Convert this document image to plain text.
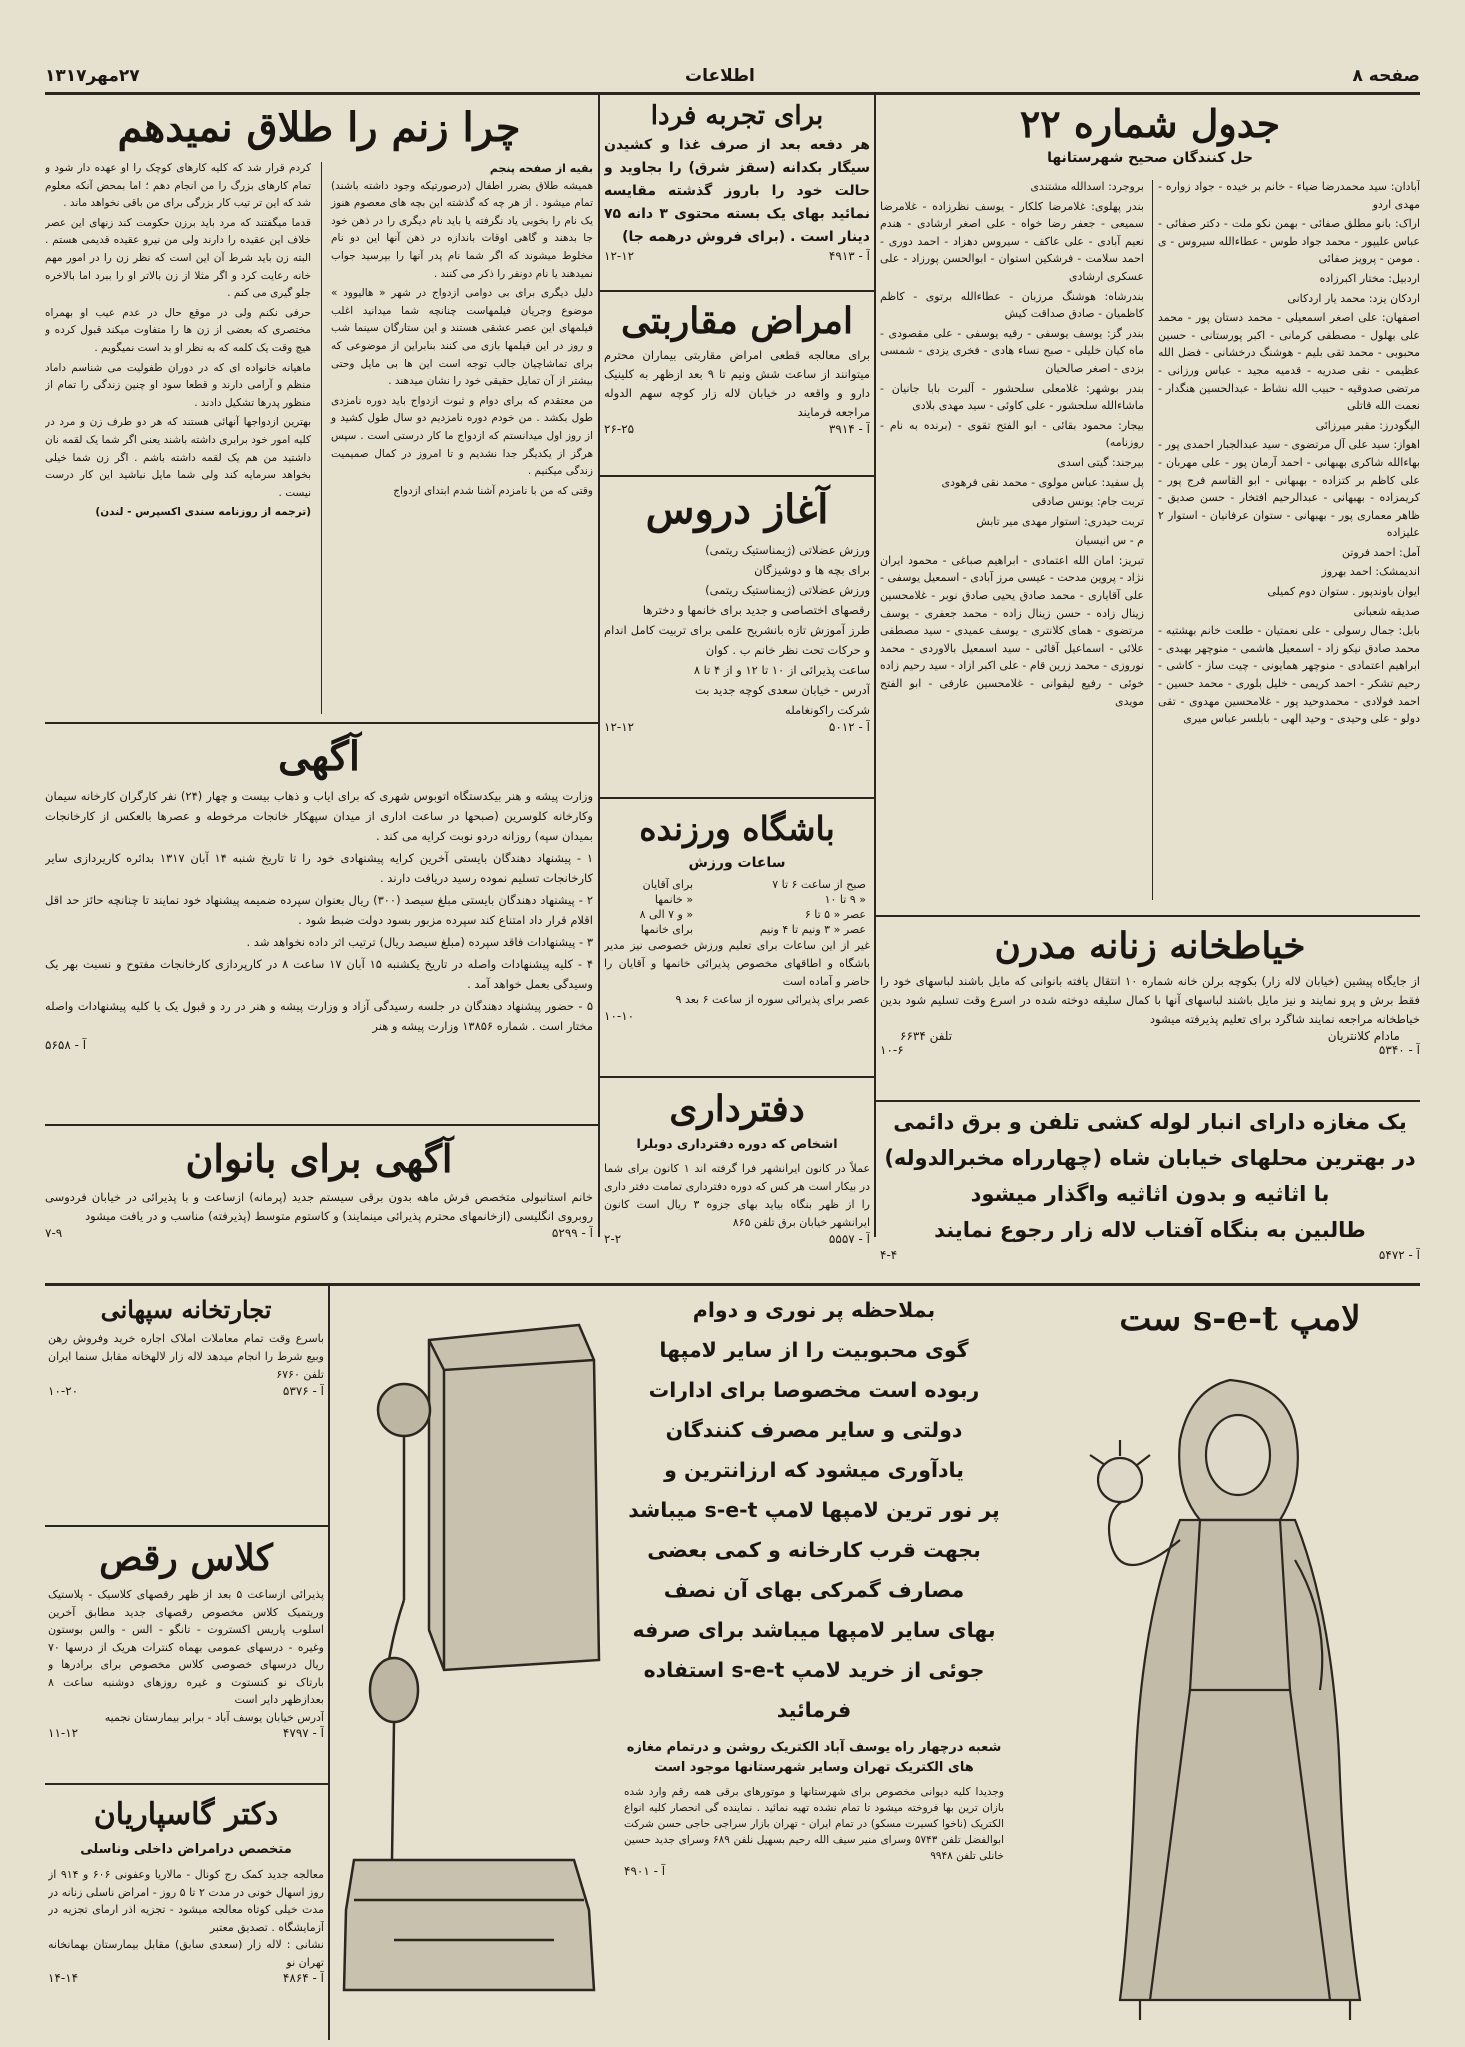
صفحه ۸
اطلاعات
۲۷مهر۱۳۱۷
چرا زنم را طلاق نمیدهم
بقیه از صفحه پنجم

همیشه طلاق بضرر اطفال (درصورتیکه وجود داشته باشند) تمام میشود . از هر چه که گذشته این بچه های معصوم هنوز یک نام را بخوبی یاد نگرفته یا باید نام دیگری را در ذهن خود جا بدهند و گاهی اوقات باندازه در ذهن آنها این دو نام مخلوط میشوند که اگر شما نام پدر آنها را بپرسید جواب نمیدهند یا نام دونفر را ذکر می کنند .

دلیل دیگری برای بی دوامی ازدواج در شهر « هالیوود » موضوع وجریان فیلمهاست چنانچه شما میدانید اغلب فیلمهای این عصر عشقی هستند و این ستارگان سینما شب و روز در این فیلمها بازی می کنند بنابراین از موضوعی که برای تماشاچیان جالب توجه است این ها بی مایل وحتی بیشتر از آن تمایل حقیقی خود را نشان میدهند .

من معتقدم که برای دوام و ثبوت ازدواج باید دوره نامزدی طول بکشد . من خودم دوره نامزدیم دو سال طول کشید و از روز اول میدانستم که ازدواج ما کار درستی است . سپس هرگز از یکدیگر جدا نشدیم و تا امروز در کمال صمیمیت زندگی میکنیم .

وقتی که من با نامزدم آشنا شدم ابتدای ازدواج

کردم قرار شد که کلیه کارهای کوچک را او عهده دار شود و تمام کارهای بزرگ را من انجام دهم ؛ اما بمحض آنکه معلوم شد که این تر تیب کار بزرگی برای من باقی نخواهد ماند .

قدما میگفتند که مرد باید برزن حکومت کند زنهای این عصر خلاف این عقیده را دارند ولی من نیرو عقیده قدیمی هستم . البته زن باید شرط آن این است که نظر زن را در امور مهم خانه رعایت کرد و اگر مثلا از زن بالاتر او را ببرد اما بالاخره جلو گیری می کنم .

حرفی نکنم ولی در موقع حال در عدم عیب او بهمراه مختصری که بعضی از زن ها را متفاوت میکند قبول کرده و هیچ وقت یک کلمه که به نظر او بد است نمیگویم .

ماهیانه خانواده ای که در دوران طفولیت می شناسم داماد منظم و آرامی دارند و قطعا سود او چنین زندگی را تمام از منظور پدرها تشکیل دادند .

بهترین ازدواجها آنهائی هستند که هر دو طرف زن و مرد در کلیه امور خود برابری داشته باشند یعنی اگر شما یک لقمه نان داشتید من هم یک لقمه داشته باشم . اگر زن شما خیلی بخواهد سرمایه کند ولی شما مایل نباشید این کار درست نیست .

(ترجمه از روزنامه سندی اکسپرس - لندن)

برای تجربه فردا
هر دفعه بعد از صرف غذا و کشیدن سیگار بکدانه (سقز شرق) را بجاوید و حالت خود را باروز گذشته مقایسه نمائید بهای یک بسته محتوی ۳ دانه ۷۵ دینار است . (برای فروش درهمه جا)
آ - ۴۹۱۳
۱۲-۱۲
امراض مقاربتی
برای معالجه قطعی امراض مقاربتی بیماران محترم میتوانند از ساعت شش ونیم تا ۹ بعد ازظهر به کلینیک دارو و واقعه در خیابان لاله زار کوچه سهم الدوله مراجعه فرمایند
آ - ۳۹۱۴
۲۶-۲۵
آغاز دروس
ورزش عضلاتی (ژیمناستیک ریتمی)
برای بچه ها و دوشیزگان
ورزش عضلاتی (ژیمناستیک ریتمی)
رقصهای اختصاصی و جدید برای خانمها و دخترها
طرز آموزش تازه بانشریح علمی برای تربیت کامل اندام و حرکات تحت نظر خانم ب . کوان
ساعت پذیرائی از ۱۰ تا ۱۲ و از ۴ تا ۸
آدرس - خیابان سعدی کوچه جدید بت
شرکت راکونغامله
آ - ۵۰۱۲
۱۲-۱۲
جدول شماره ۲۲
حل کنندگان صحیح شهرستانها

آبادان: سید محمدرضا ضیاء - خانم بر خیده - جواد زواره - مهدی اردو

اراک: بانو مطلق صفائی - بهمن نکو ملت - دکتر صفائی - عباس علیپور - محمد جواد طوس - عطاءالله سیروس - ی . مومن - پرویز صفائی

اردبیل: مختار اکبرزاده

اردکان یزد: محمد یار اردکانی

اصفهان: علی اصغر اسمعیلی - محمد دستان پور - محمد علی بهلول - مصطفی کرمانی - اکبر پورستانی - حسین محبوبی - محمد تقی بلیم - هوشنگ درخشانی - فضل الله عظیمی - نقی صدریه - قدمیه مجید - عباس ورزانی - مرتضی صدوقیه - حبیب الله نشاط - عبدالحسین هنگدار - نعمت الله قاتلی

الیگودرز: مقبر میرزائی

اهواز: سید علی آل مرتضوی - سید عبدالجبار احمدی پور - بهاءالله شاکری بهبهانی - احمد آرمان پور - علی مهربان - علی کاظم بر کتزاده - بهبهانی - ابو القاسم فرج پور - کریمزاده - بهبهانی - عبدالرحیم افتخار - حسن صدیق - ظاهر معماری پور - بهبهانی - ستوان عرفانیان - استوار ۲ علیزاده

آمل: احمد فروتن

اندیمشک: احمد بهروز

ایوان باوندپور . ستوان دوم کمیلی

صدیقه شعبانی

بابل: جمال رسولی - علی نعمتیان - طلعت خانم بهشتیه - محمد صادق نیکو زاد - اسمعیل هاشمی - منوچهر بهبدی - ابراهیم اعتمادی - منوچهر همایونی - چیت ساز - کاشی - رحیم تشکر - احمد کریمی - خلیل بلوری - محمد حسین - احمد فولادی - محمدوحید پور - غلامحسین مهدوی - تقی دولو - علی وحیدی - وحید الهی - بابلسر عباس میری

بروجرد: اسدالله مشتندی

بندر پهلوی: غلامرضا کلکار - یوسف نظرزاده - غلامرضا سمیعی - جعفر رضا خواه - علی اصغر ارشادی - هندم نعیم آبادی - علی عاکف - سیروس دهزاد - احمد دوری - احمد سلامت - فرشکین استوان - ابوالحسن پورزاد - علی عسکری ارشادی

بندرشاه: هوشنگ مرزبان - عطاءالله برتوی - کاظم کاظمیان - صادق صداقت کیش

بندر گز: یوسف یوسفی - رقیه یوسفی - علی مقصودی - ماه کیان خلیلی - صبح نساء هادی - فخری یزدی - شمسی بزدی - اصغر صالحیان

بندر بوشهر: غلامعلی سلحشور - آلبرت بابا جانیان - ماشاءالله سلحشور - علی کاوئی - سید مهدی بلادی

بیجار: محمود بقائی - ابو الفتح تقوی - (برنده به نام - روزنامه)

بیرجند: گیتی اسدی

پل سفید: عباس مولوی - محمد نقی فرهودی

تربت جام: یونس صادقی

تربت حیدری: استوار مهدی میر تابش

م - س انیسیان

تبریز: امان الله اعتمادی - ابراهیم صباغی - محمود ایران نژاد - پروین مدحت - عیسی مرز آبادی - اسمعیل یوسفی - علی آقایاری - محمد صادق یحیی صادق نوبر - غلامحسین زینال زاده - حسن زینال زاده - محمد جعفری - یوسف مرتضوی - همای کلانتری - یوسف عمیدی - سید مصطفی علائی - اسماعیل آقائی - سید اسمعیل بالاوردی - محمد نوروزی - محمد زرین قام - علی اکبر ازاد - سید رحیم زاده خوئی - رفیع لیقوانی - غلامحسین عارفی - ابو الفتح مویدی

آگهی

وزارت پیشه و هنر بیکدستگاه اتوبوس شهری که برای ایاب و ذهاب بیست و چهار (۲۴) نفر کارگران کارخانه سیمان وکارخانه کلوسرین (صبحها در ساعت اداری از میدان سپهکار خانجات مرخوطه و عصرها بالعکس از کارخانجات بمیدان سپه) روزانه دردو نوبت کرایه می کند .

۱ - پیشنهاد دهندگان بایستی آخرین کرایه پیشنهادی خود را تا تاریخ شنبه ۱۴ آبان ۱۳۱۷ بدائره کاریردازی سایر کارخانجات تسلیم نموده رسید دریافت دارند .

۲ - پیشنهاد دهندگان بایستی مبلغ سیصد (۳۰۰) ریال بعنوان سپرده ضمیمه پیشنهاد خود نمایند تا چنانچه حائز حد اقل اقلام قرار داد امتناع کند سپرده مزبور بسود دولت ضبط شود .

۳ - پیشنهادات فاقد سپرده (مبلغ سیصد ریال) ترتیب اثر داده نخواهد شد .

۴ - کلیه پیشنهادات واصله در تاریخ یکشنبه ۱۵ آبان ۱۷ ساعت ۸ در کارپردازی کارخانجات مفتوح و نسبت بهر یک وسیدگی بعمل خواهد آمد .

۵ - حضور پیشنهاد دهندگان در جلسه رسیدگی آزاد و وزارت پیشه و هنر در رد و قبول یک یا کلیه پیشنهادات واصله مختار است . شماره ۱۳۸۵۶ وزارت پیشه و هنر

آ - ۵۶۵۸
باشگاه ورزنده
ساعات ورزش
صبح از ساعت ۶ تا ۷	برای آقایان
« ۹ تا ۱۰	« خانمها
عصر « ۵ تا ۶	« و ۷ الی ۸
عصر « ۳ ونیم تا ۴ ونیم	برای خانمها
غیر از این ساعات برای تعلیم ورزش خصوصی نیز مدیر باشگاه و اطاقهای مخصوص پذیرائی خانمها و آقایان را حاضر و آماده است
عصر برای پذیرائی سوره از ساعت ۶ بعد ۹
۱۰-۱۰
دفترداری
اشخاص که دوره دفترداری دوبلرا
عملاً در کانون ایرانشهر فرا گرفته اند ۱ کانون برای شما در بیکار است هر کس که دوره دفترداری تمامت دفتر داری را از ظهر بنگاه بیاید بهای جزوه ۳ ریال است کانون ایرانشهر خیابان برق تلفن ۸۶۵
آ - ۵۵۵۷
۲-۲
خیاطخانه زنانه مدرن
از جایگاه پیشین (خیابان لاله زار) بکوچه برلن خانه شماره ۱۰ انتقال یافته بانوانی که مایل باشند لباسهای خود را فقط برش و پرو نمایند و نیز مایل باشند لباسهای آنها با کمال سلیقه دوخته شده در اسرع وقت تسلیم شود بدین خیاطخانه مراجعه نمایند شاگرد برای تعلیم پذیرفته میشود
مادام کلانتریان
تلفن ۶۶۳۴
آ - ۵۳۴۰
۱۰-۶
یک مغازه دارای انبار لوله کشی تلفن و برق دائمی
در بهترین محلهای خیابان شاه (چهارراه مخبرالدوله)
با اثاثیه و بدون اثاثیه واگذار میشود
طالبین به بنگاه آفتاب لاله زار رجوع نمایند
آ - ۵۴۷۲
۴-۴
آگهی برای بانوان
خانم استانبولی متخصص فرش ماهه بدون برقی سیستم جدید (پرمانه) ازساعت و با پذیرائی در خیابان فردوسی روبروی انگلیسی (ازخانمهای محترم پذیرائی مینمایند) و کاستوم متوسط (پذیرفته) مناسب و در یافت میشود
آ - ۵۲۹۹
۷-۹
تجارتخانه سپهانی
باسرع وقت تمام معاملات املاک اجاره خرید وفروش رهن وبیع شرط را انجام میدهد لاله زار لالهخانه مقابل سنما ایران تلفن ۶۷۶۰
آ - ۵۳۷۶
۱۰-۲۰
کلاس رقص
پذیرائی ازساعت ۵ بعد از ظهر رقصهای کلاسیک - پلاستیک وریتمیک کلاس مخصوص رقصهای جدید مطابق آخرین اسلوب پاریس اکستروت - تانگو - الس - والس بوستون وغیره - درسهای عمومی بهماه کنترات هریک از درسها ۷۰ ریال درسهای خصوصی کلاس مخصوص برای برادرها و بارتاک نو کنستوت و غیره روزهای دوشنبه ساعت ۸ بعدازظهر دایر است
آدرس خیابان یوسف آباد - برابر بیمارستان نجمیه
آ - ۴۷۹۷
۱۱-۱۲
دکتر گاسپاریان
متخصص درامراض داخلی وناسلی
معالجه جدید کمک رج کونال - مالاریا وعفونی ۶۰۶ و ۹۱۴ از روز اسهال خونی در مدت ۲ تا ۵ روز - امراض ناسلی زنانه در مدت خیلی کوتاه معالجه میشود - تجزیه اذر ارمای تجزیه در آزمایشگاه . تصدیق معتبر
نشانی : لاله زار (سعدی سابق) مقابل بیمارستان بهمانخانه تهران نو
آ - ۴۸۶۴
۱۴-۱۴
بملاحظه پر نوری و دوام
گوی محبوبیت را از سایر لامپها
ربوده است مخصوصا برای ادارات
دولتی و سایر مصرف کنندگان
یادآوری میشود که ارزانترین و
پر نور ترین لامپها لامپ s-e-t میباشد
بجهت قرب کارخانه و کمی بعضی
مصارف گمرکی بهای آن نصف
بهای سایر لامپها میباشد برای صرفه
جوئی از خرید لامپ s-e-t استفاده
فرمائید
شعبه درچهار راه یوسف آباد الکتریک روشن و درتمام مغازه های الکتریک تهران وسایر شهرستانها موجود است
وجدیدا کلیه دیوانی مخصوص برای شهرستانها و موتورهای برقی همه رقم وارد شده بازان ترین بها فروخته میشود تا تمام نشده تهیه نمائید . نماینده گی انحصار کلیه انواع الکتریک (ناخوا کسیرت مسکو) در تمام ایران - تهران بازار سراجی حاجی حسن شرکت ابوالفضل تلفن ۵۷۴۳ وسرای منیر سیف الله رحیم بسهیل نلفن ۶۸۹ وسرای جدید حسین خانلی تلفن ۹۹۴۸
آ - ۴۹۰۱
لامپ s-e-t ست
